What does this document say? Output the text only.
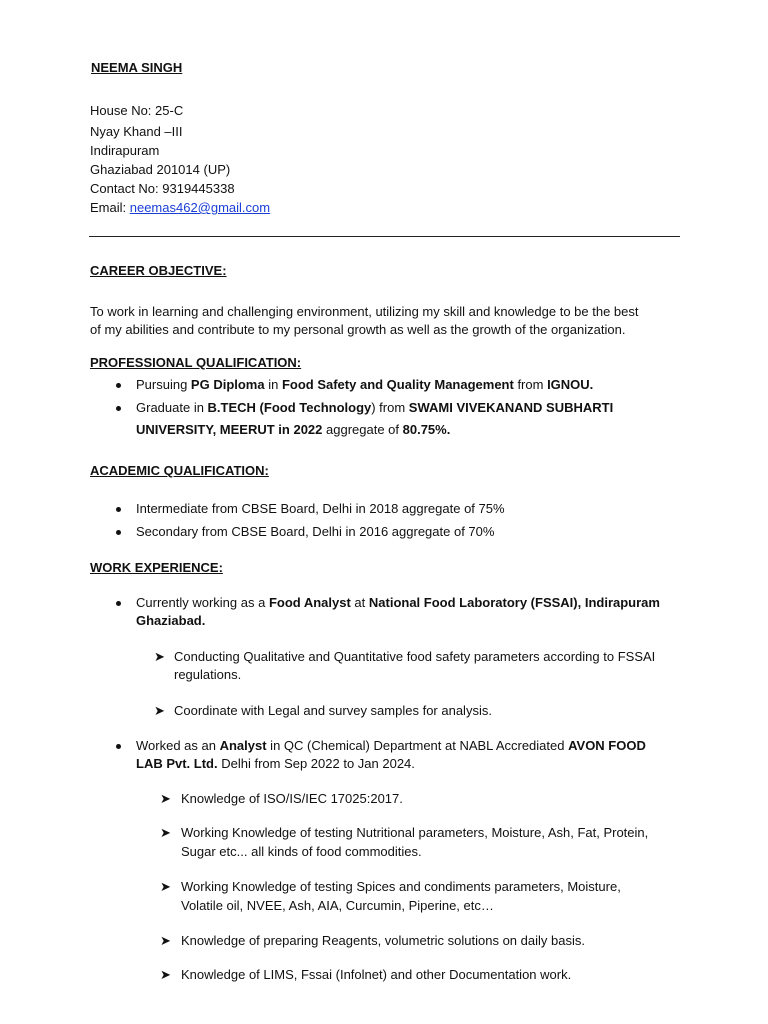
NEEMA SINGH
House No: 25-C
Nyay Khand –III
Indirapuram
Ghaziabad 201014 (UP)
Contact No: 9319445338
Email: neemas462@gmail.com
CAREER OBJECTIVE:
To work in learning and challenging environment, utilizing my skill and knowledge to be the best
of my abilities and contribute to my personal growth as well as the growth of the organization.
PROFESSIONAL QUALIFICATION:
Pursuing PG Diploma in Food Safety and Quality Management from IGNOU.
Graduate in B.TECH (Food Technology) from SWAMI VIVEKANAND SUBHARTI
UNIVERSITY, MEERUT in 2022 aggregate of 80.75%.
ACADEMIC QUALIFICATION:
Intermediate from CBSE Board, Delhi in 2018 aggregate of 75%
Secondary from CBSE Board, Delhi in 2016 aggregate of 70%
WORK EXPERIENCE:
Currently working as a Food Analyst at National Food Laboratory (FSSAI), Indirapuram
Ghaziabad.
➤ Conducting Qualitative and Quantitative food safety parameters according to FSSAI
regulations.
➤ Coordinate with Legal and survey samples for analysis.
Worked as an Analyst in QC (Chemical) Department at NABL Accrediated AVON FOOD
LAB Pvt. Ltd. Delhi from Sep 2022 to Jan 2024.
➤ Knowledge of ISO/IS/IEC 17025:2017.
➤ Working Knowledge of testing Nutritional parameters, Moisture, Ash, Fat, Protein,
Sugar etc... all kinds of food commodities.
➤ Working Knowledge of testing Spices and condiments parameters, Moisture,
Volatile oil, NVEE, Ash, AIA, Curcumin, Piperine, etc…
➤ Knowledge of preparing Reagents, volumetric solutions on daily basis.
➤ Knowledge of LIMS, Fssai (Infolnet) and other Documentation work.
